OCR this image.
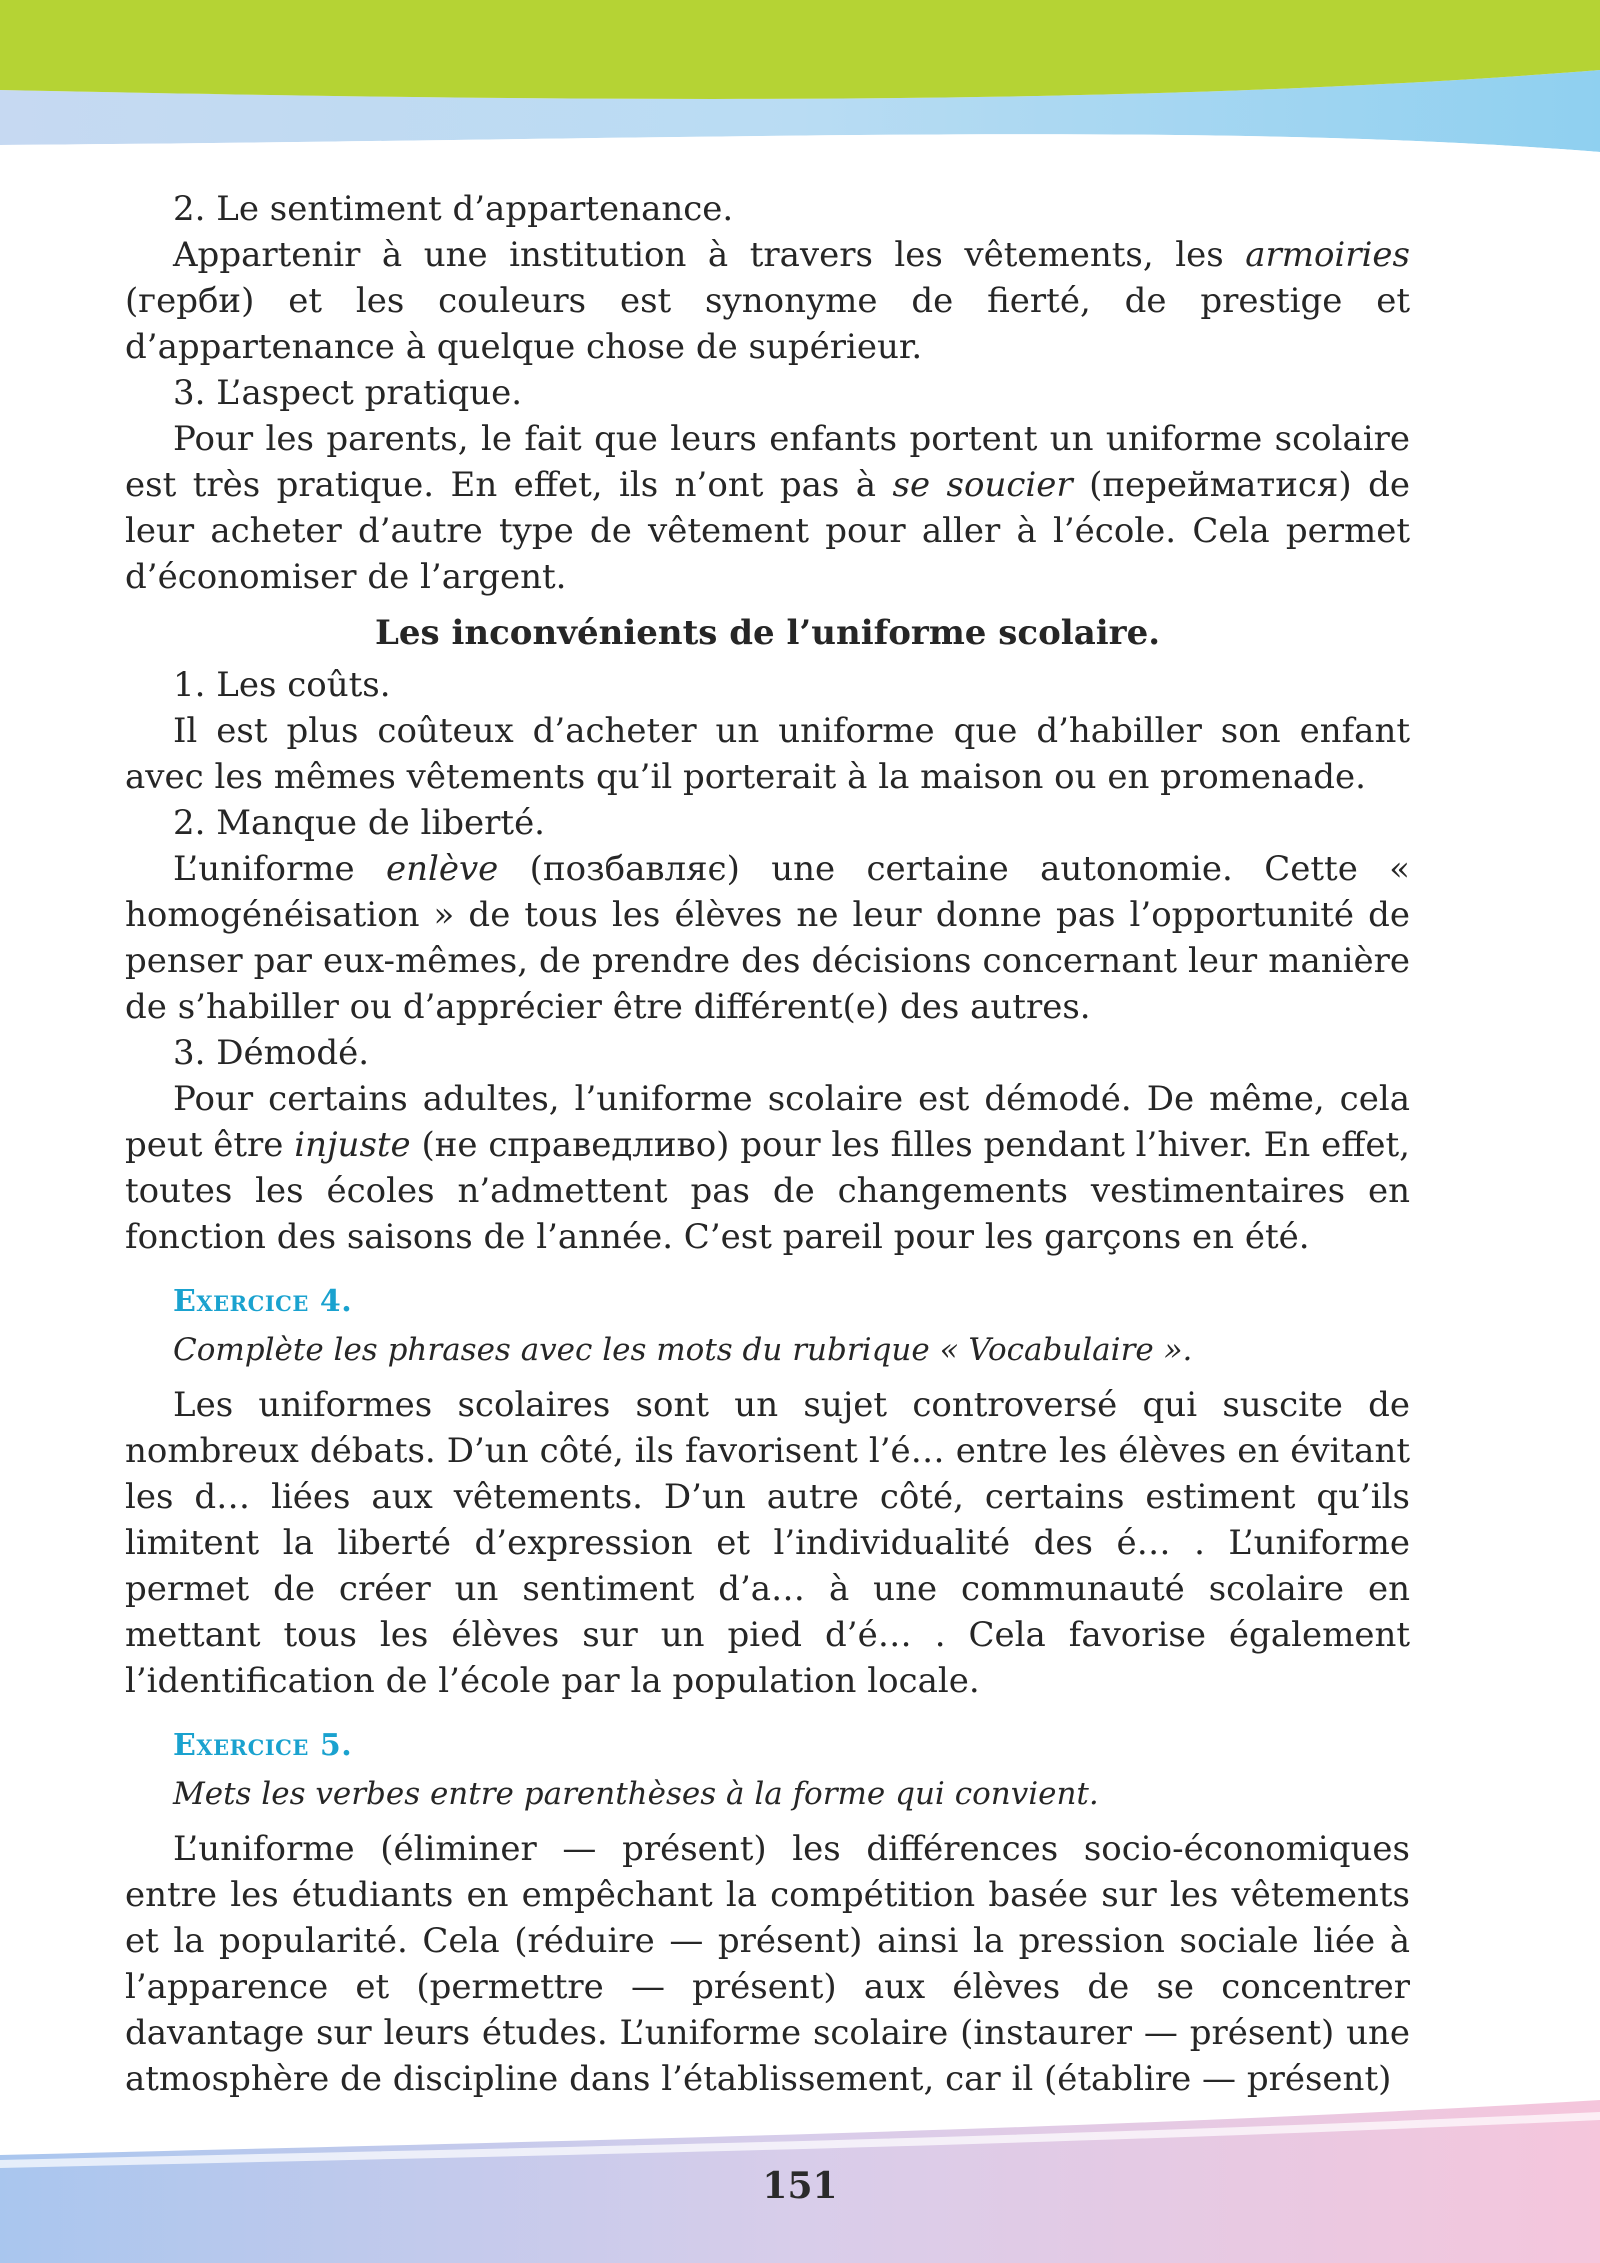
2. Le sentiment d’appartenance.

Appartenir à une institution à travers les vêtements, les armoiries (герби) et les couleurs est synonyme de fierté, de prestige et d’appartenance à quelque chose de supérieur.

3. L’aspect pratique.

Pour les parents, le fait que leurs enfants portent un uniforme scolaire est très pratique. En effet, ils n’ont pas à se soucier (перейматися) de leur acheter d’autre type de vêtement pour aller à l’école. Cela permet d’économiser de l’argent.

Les inconvénients de l’uniforme scolaire.

1. Les coûts.

Il est plus coûteux d’acheter un uniforme que d’habiller son enfant avec les mêmes vêtements qu’il porterait à la maison ou en promenade.

2. Manque de liberté.

L’uniforme enlève (позбавляє) une certaine autonomie. Cette « homogénéisation » de tous les élèves ne leur donne pas l’opportunité de penser par eux-mêmes, de prendre des décisions concernant leur manière de s’habiller ou d’apprécier être différent(e) des autres.

3. Démodé.

Pour certains adultes, l’uniforme scolaire est démodé. De même, cela peut être injuste (не справедливо) pour les filles pendant l’hiver. En effet, toutes les écoles n’admettent pas de changements vestimentaires en fonction des saisons de l’année. C’est pareil pour les garçons en été.

Exercice 4.

Complète les phrases avec les mots du rubrique « Vocabulaire ».

Les uniformes scolaires sont un sujet controversé qui suscite de nombreux débats. D’un côté, ils favorisent l’é… entre les élèves en évitant les d… liées aux vêtements. D’un autre côté, certains estiment qu’ils limitent la liberté d’expression et l’individualité des é… . L’uniforme permet de créer un sentiment d’a… à une communauté scolaire en mettant tous les élèves sur un pied d’é… . Cela favorise également l’identification de l’école par la population locale.

Exercice 5.

Mets les verbes entre parenthèses à la forme qui convient.

L’uniforme (éliminer — présent) les différences socio-économiques entre les étudiants en empêchant la compétition basée sur les vêtements et la popularité. Cela (réduire — présent) ainsi la pression sociale liée à l’apparence et (permettre — présent) aux élèves de se concentrer davantage sur leurs études. L’uniforme scolaire (instaurer — présent) une atmosphère de discipline dans l’établissement, car il (établire — présent)

151
